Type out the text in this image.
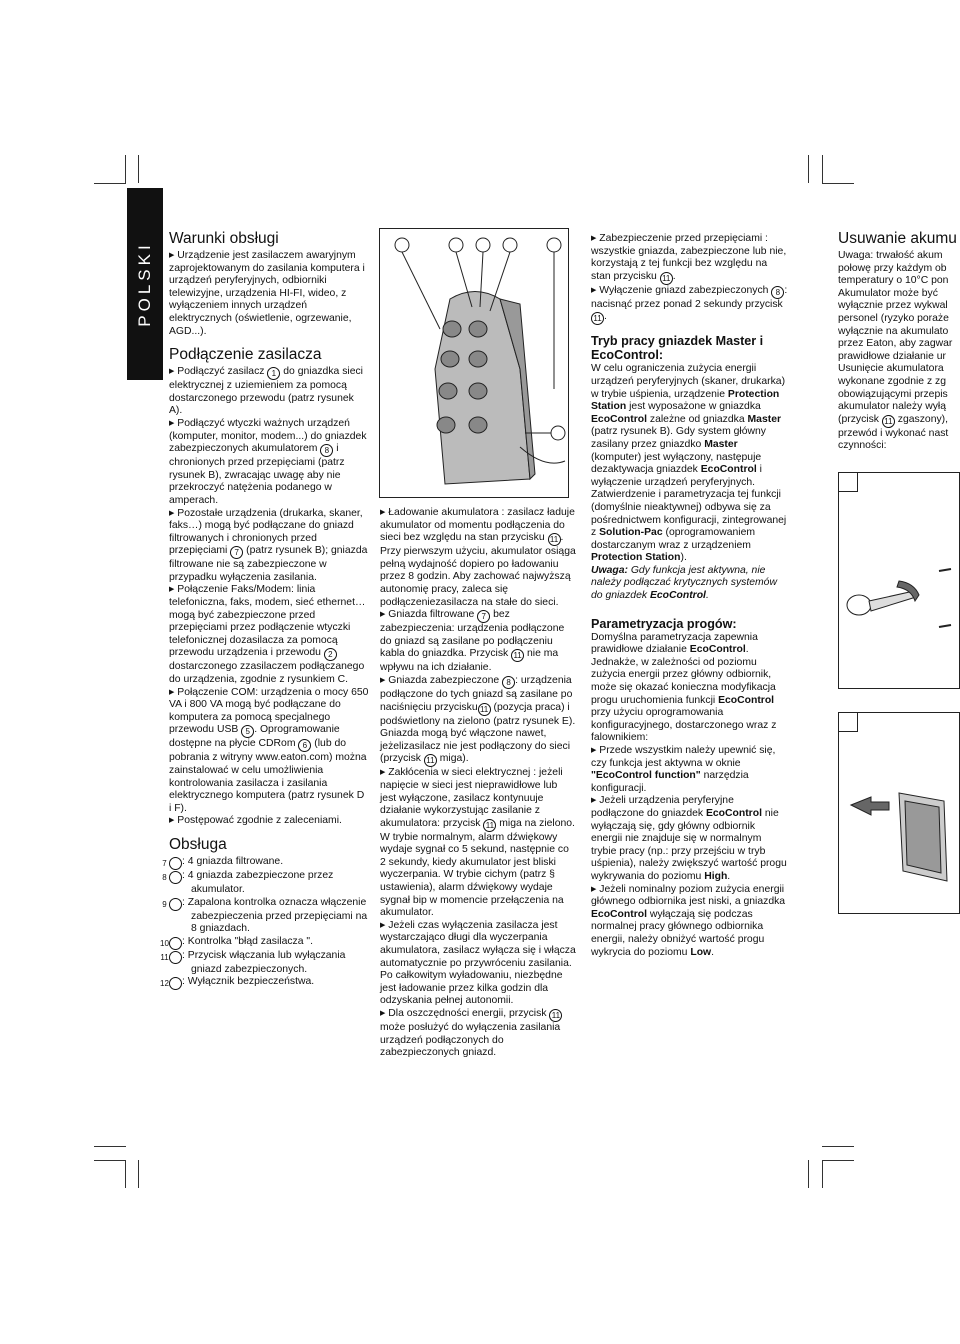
POLSKI
Warunki obsługi

▶ Urządzenie jest zasilaczem awaryjnym zaprojektowanym do zasilania komputera i urządzeń peryferyjnych, odbiorniki telewizyjne, urządzenia HI-FI, wideo, z wyłączeniem innych urządzeń elektrycznych (oświetlenie, ogrzewanie, AGD...).

Podłączenie zasilacza

▶ Podłączyć zasilacz 1 do gniazdka sieci elektrycznej z uziemieniem za pomocą dostarczonego przewodu (patrz rysunek A).

▶ Podłączyć wtyczki ważnych urządzeń (komputer, monitor, modem...) do gniazdek zabezpieczonych akumulatorem 8 i chronionych przed przepięciami (patrz rysunek B), zwracając uwagę aby nie przekroczyć natężenia podanego w amperach.

▶ Pozostałe urządzenia (drukarka, skaner, faks…) mogą być podłączane do gniazd filtrowanych i chronionych przed przepięciami 7 (patrz rysunek B); gniazda filtrowane nie są zabezpieczone w przypadku wyłączenia zasilania.

▶ Połączenie Faks/Modem: linia telefoniczna, faks, modem, sieć ethernet… mogą być zabezpieczone przed przepięciami przez podłączenie wtyczki telefonicznej dozasilacza za pomocą przewodu urządzenia i przewodu 2 dostarczonego zzasilaczem podłączanego do urządzenia, zgodnie z rysunkiem C.

▶ Połączenie COM: urządzenia o mocy 650 VA i 800 VA mogą być podłączane do komputera za pomocą specjalnego przewodu USB 5 . Oprogramowanie dostępne na płycie CDRom 6 (lub do pobrania z witryny www.eaton.com) można zainstalować w celu umożliwienia kontrolowania zasilacza i zasilania elektrycznego komputera (patrz rysunek D i F).

▶ Postępować zgodnie z zaleceniami.

Obsługa

7 : 4 gniazda filtrowane.

8 : 4 gniazda zabezpieczone przez akumulator.

9 : Zapalona kontrolka oznacza włączenie zabezpieczenia przed przepięciami na 8 gniazdach.

10 : Kontrolka "błąd zasilacza ".

11 : Przycisk włączania lub wyłączania gniazd zabezpieczonych.

12 : Wyłącznik bezpieczeństwa.

▶ Ładowanie akumulatora : zasilacz ładuje akumulator od momentu podłączenia do sieci bez względu na stan przycisku 11 . Przy pierwszym użyciu, akumulator osiąga pełną wydajność dopiero po ładowaniu przez 8 godzin. Aby zachować najwyższą autonomię pracy, zaleca się podłączeniezasilacza na stałe do sieci.

▶ Gniazda filtrowane 7 bez zabezpieczenia: urządzenia podłączone do gniazd są zasilane po podłączeniu kabla do gniazdka. Przycisk 11 nie ma wpływu na ich działanie.

▶ Gniazda zabezpieczone 8 : urządzenia podłączone do tych gniazd są zasilane po naciśnięciu przycisku 11 (pozycja praca) i podświetlony na zielono (patrz rysunek E). Gniazda mogą być włączone nawet, jeżelizasilacz nie jest podłączony do sieci (przycisk 11 miga).

▶ Zakłócenia w sieci elektrycznej : jeżeli napięcie w sieci jest nieprawidłowe lub jest wyłączone, zasilacz kontynuuje działanie wykorzystując zasilanie z akumulatora: przycisk 11 miga na zielono. W trybie normalnym, alarm dźwiękowy wydaje sygnał co 5 sekund, następnie co 2 sekundy, kiedy akumulator jest bliski wyczerpania. W trybie cichym (patrz § ustawienia), alarm dźwiękowy wydaje sygnał bip w momencie przełączenia na akumulator.

▶ Jeżeli czas wyłączenia zasilacza jest wystarczająco długi dla wyczerpania akumulatora, zasilacz wyłącza się i włącza automatycznie po przywróceniu zasilania. Po całkowitym wyładowaniu, niezbędne jest ładowanie przez kilka godzin dla odzyskania pełnej autonomii.

▶ Dla oszczędności energii, przycisk 11 może posłużyć do wyłączenia zasilania urządzeń podłączonych do zabezpieczonych gniazd.

▶ Zabezpieczenie przed przepięciami : wszystkie gniazda, zabezpieczone lub nie, korzystają z tej funkcji bez względu na stan przycisku 11 .

▶ Wyłączenie gniazd zabezpieczonych 8 : nacisnąć przez ponad 2 sekundy przycisk 11 .

Tryb pracy gniazdek Master i EcoControl:

W celu ograniczenia zużycia energii urządzeń peryferyjnych (skaner, drukarka) w trybie uśpienia, urządzenie Protection Station jest wyposażone w gniazdka EcoControl zależne od gniazdka Master (patrz rysunek B). Gdy system główny zasilany przez gniazdko Master (komputer) jest wyłączony, następuje dezaktywacja gniazdek EcoControl i wyłączenie urządzeń peryferyjnych. Zatwierdzenie i parametryzacja tej funkcji (domyślnie nieaktywnej) odbywa się za pośrednictwem konfiguracji, zintegrowanej z Solution-Pac (oprogramowaniem dostarczanym wraz z urządzeniem Protection Station).

Uwaga: Gdy funkcja jest aktywna, nie należy podłączać krytycznych systemów do gniazdek EcoControl.

Parametryzacja progów:

Domyślna parametryzacja zapewnia prawidłowe działanie EcoControl. Jednakże, w zależności od poziomu zużycia energii przez główny odbiornik, może się okazać konieczna modyfikacja progu uruchomienia funkcji EcoControl przy użyciu oprogramowania konfiguracyjnego, dostarczonego wraz z falownikiem:

▶ Przede wszystkim należy upewnić się, czy funkcja jest aktywna w oknie "EcoControl function" narzędzia konfiguracji.

▶ Jeżeli urządzenia peryferyjne podłączone do gniazdek EcoControl nie wyłączają się, gdy główny odbiornik energii nie znajduje się w normalnym trybie pracy (np.: przy przejściu w tryb uśpienia), należy zwiększyć wartość progu wykrywania do poziomu High.

▶ Jeżeli nominalny poziom zużycia energii głównego odbiornika jest niski, a gniazdka EcoControl wyłączają się podczas normalnej pracy głównego odbiornika energii, należy obniżyć wartość progu wykrycia do poziomu Low.

Usuwanie akumu

Uwaga: trwałość akum

połowę przy każdym ob

temperatury o 10°C pon

Akumulator może być

wyłącznie przez wykwal

personel (ryzyko poraże

wyłącznie na akumulato

przez Eaton, aby zagwar

prawidłowe działanie ur

Usunięcie akumulatora

wykonane zgodnie z zg

obowiązującymi przepis

akumulator należy wyłą

(przycisk 11 zgaszony),

przewód i wykonać nast

czynności:
